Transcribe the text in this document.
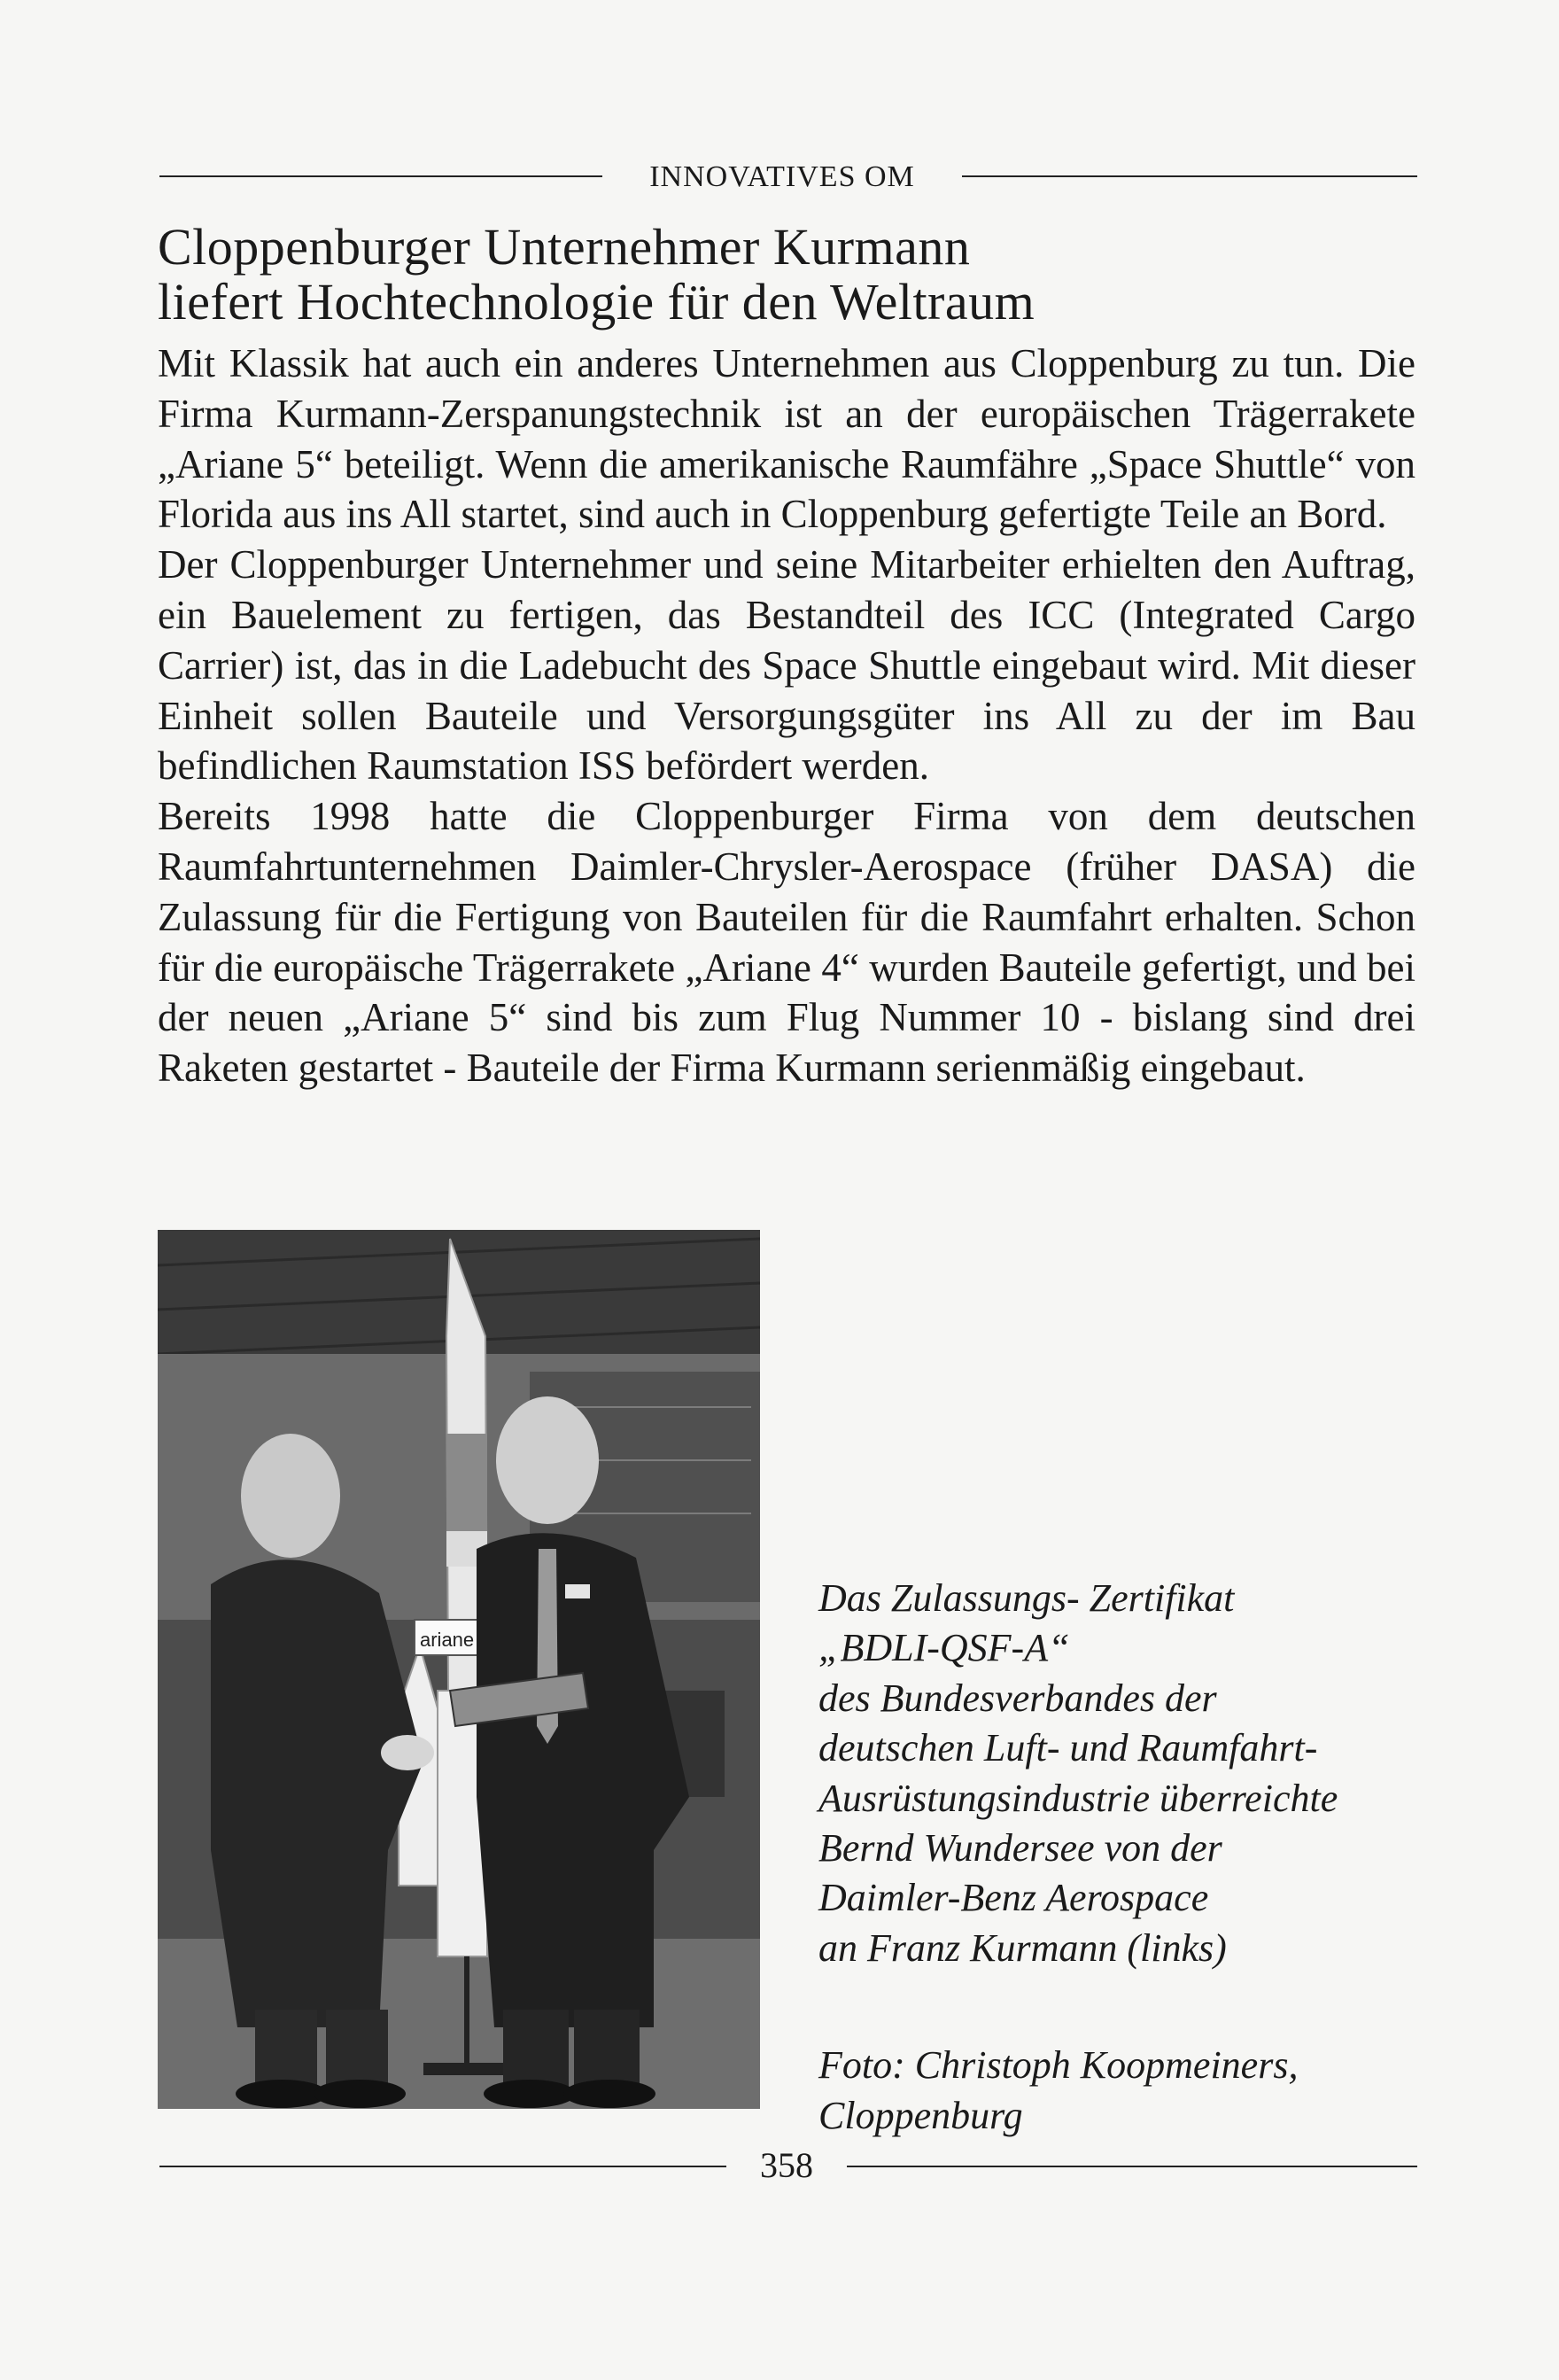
INNOVATIVES OM
Cloppenburger Unternehmer Kurmann
liefert Hochtechnologie für den Weltraum

Mit Klassik hat auch ein anderes Unternehmen aus Cloppenburg zu tun. Die Firma Kurmann-Zerspanungstechnik ist an der europäischen Trägerrakete „Ariane 5“ beteiligt. Wenn die amerikanische Raumfähre „Space Shuttle“ von Florida aus ins All startet, sind auch in Cloppenburg gefertigte Teile an Bord.

Der Cloppenburger Unternehmer und seine Mitarbeiter erhielten den Auftrag, ein Bauelement zu fertigen, das Bestandteil des ICC (Integrated Cargo Carrier) ist, das in die Ladebucht des Space Shuttle eingebaut wird. Mit dieser Einheit sollen Bauteile und Versorgungsgüter ins All zu der im Bau befindlichen Raumstation ISS befördert werden.

Bereits 1998 hatte die Cloppenburger Firma von dem deutschen Raumfahrtunternehmen Daimler-Chrysler-Aerospace (früher DASA) die Zulassung für die Fertigung von Bauteilen für die Raumfahrt erhalten. Schon für die europäische Trägerrakete „Ariane 4“ wurden Bauteile gefertigt, und bei der neuen „Ariane 5“ sind bis zum Flug Nummer 10 - bislang sind drei Raketen gestartet - Bauteile der Firma Kurmann serienmäßig eingebaut.

ariane
Das Zulassungs- Zertifikat
„BDLI-QSF-A“
des Bundesverbandes der
deutschen Luft- und Raumfahrt-
Ausrüstungsindustrie überreichte
Bernd Wundersee von der
Daimler-Benz Aerospace
an Franz Kurmann (links)
Foto: Christoph Koopmeiners,
Cloppenburg
358
